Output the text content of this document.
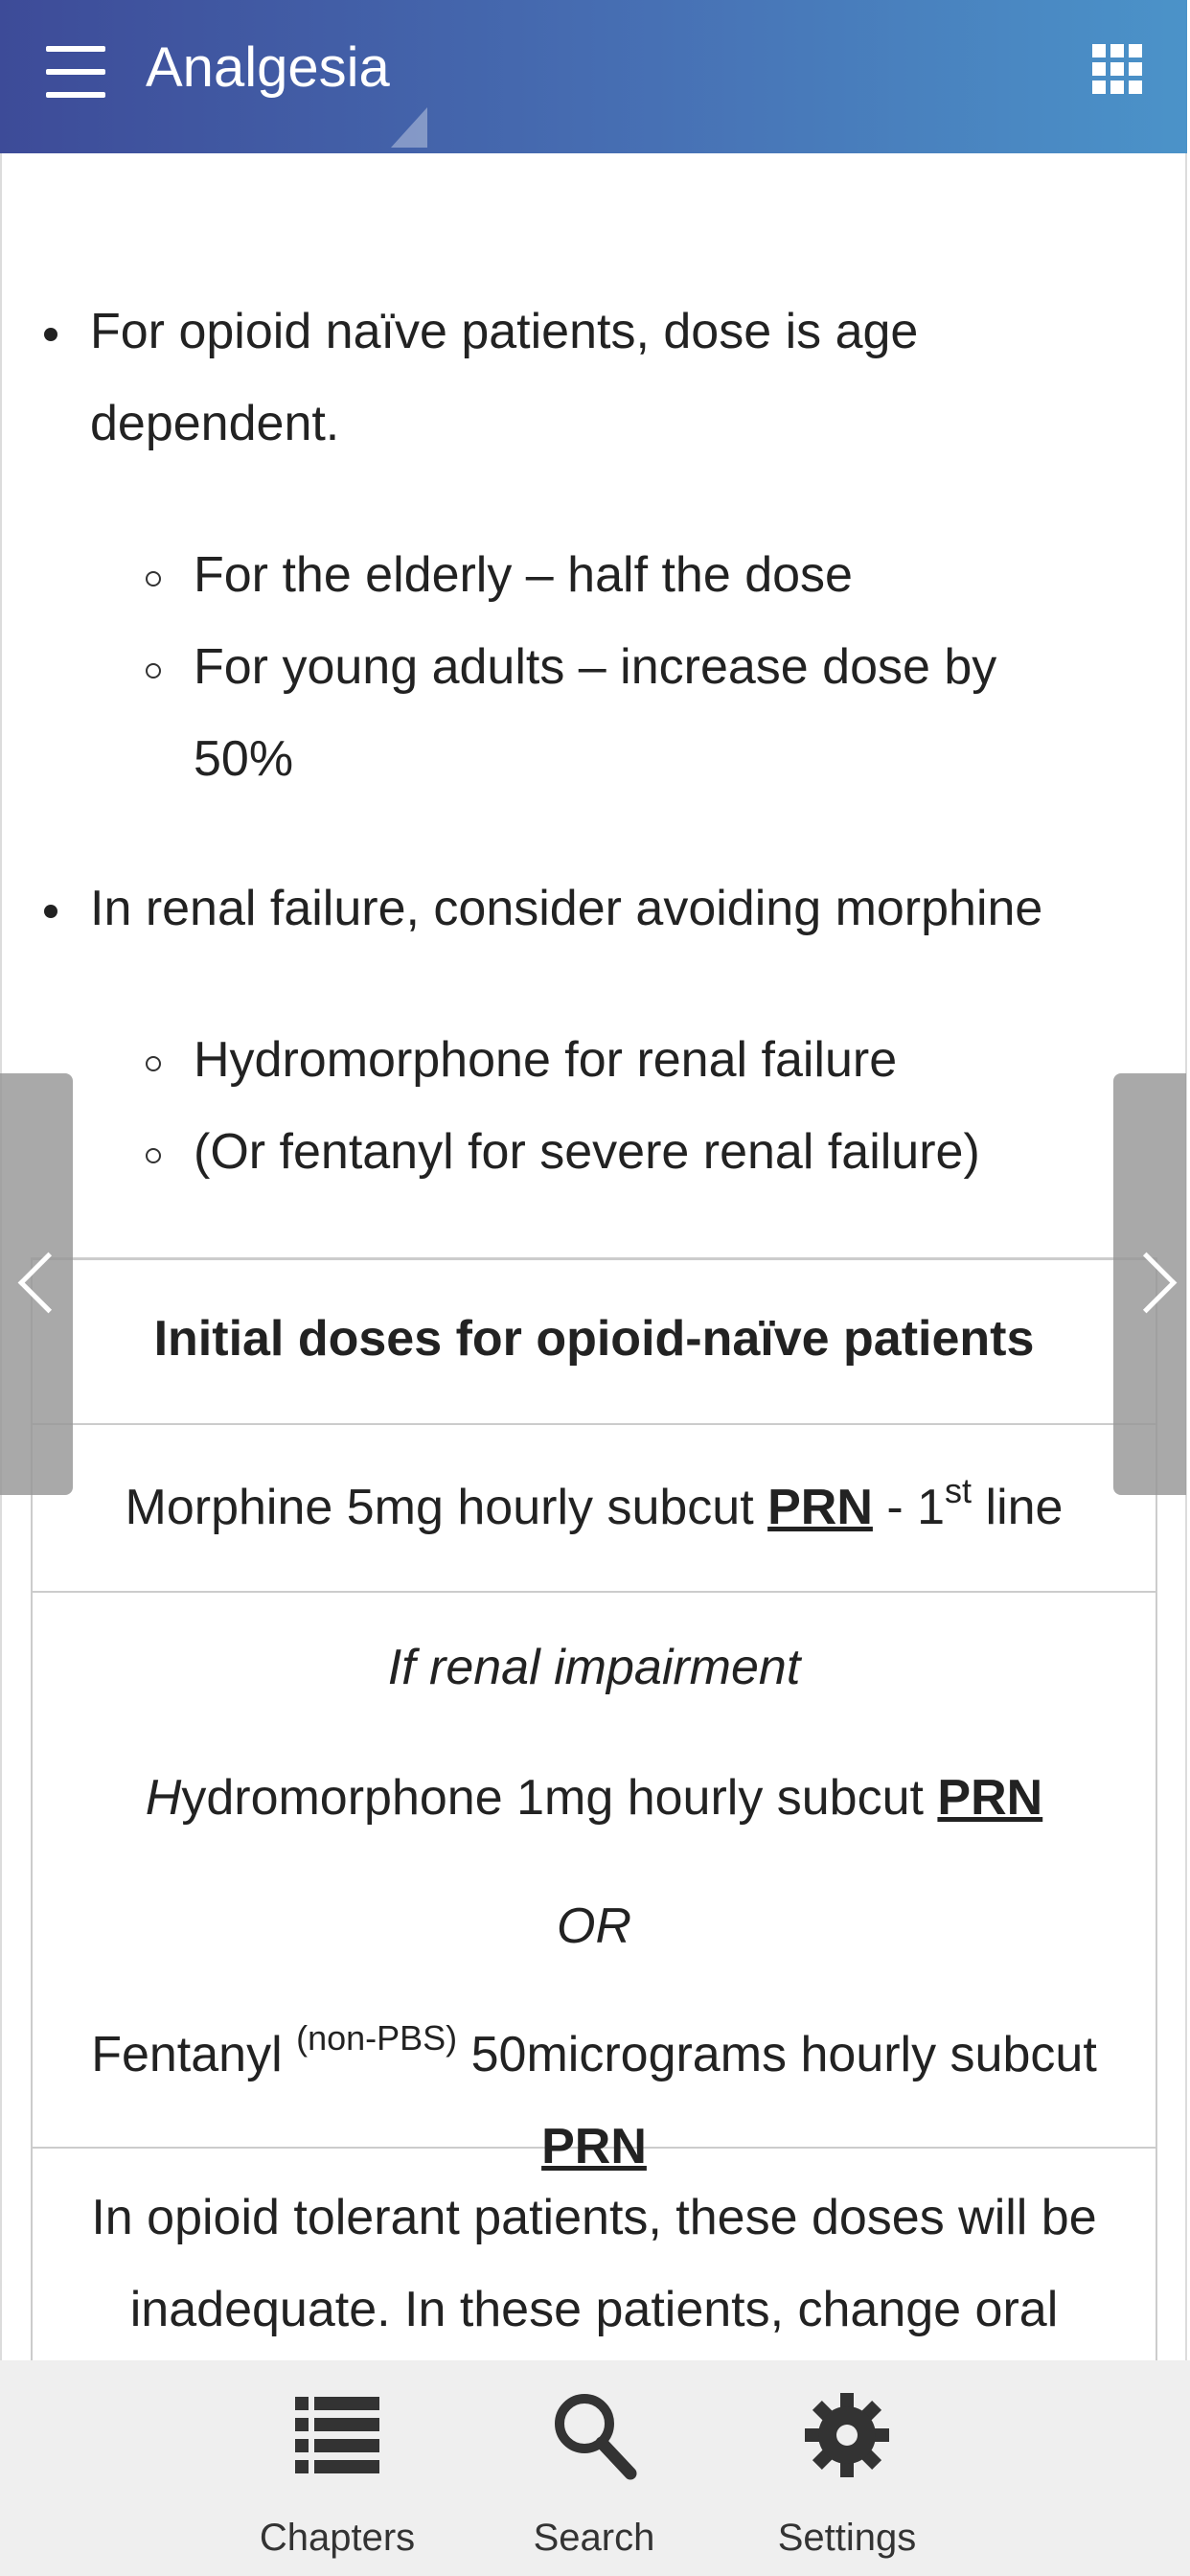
Analgesia
For opioid naïve patients, dose is age
dependent.
For the elderly – half the dose
For young adults – increase dose by
50%
In renal failure, consider avoiding morphine
Hydromorphone for renal failure
(Or fentanyl for severe renal failure)

Initial doses for opioid-naïve patients

Morphine 5mg hourly subcut PRN - 1st line

If renal impairment

Hydromorphone 1mg hourly subcut PRN

OR

Fentanyl $^{(non-PBS)}$ 50micrograms hourly subcut PRN

In opioid tolerant patients, these doses will be

inadequate. In these patients, change oral

Chapters	Search	Settings
